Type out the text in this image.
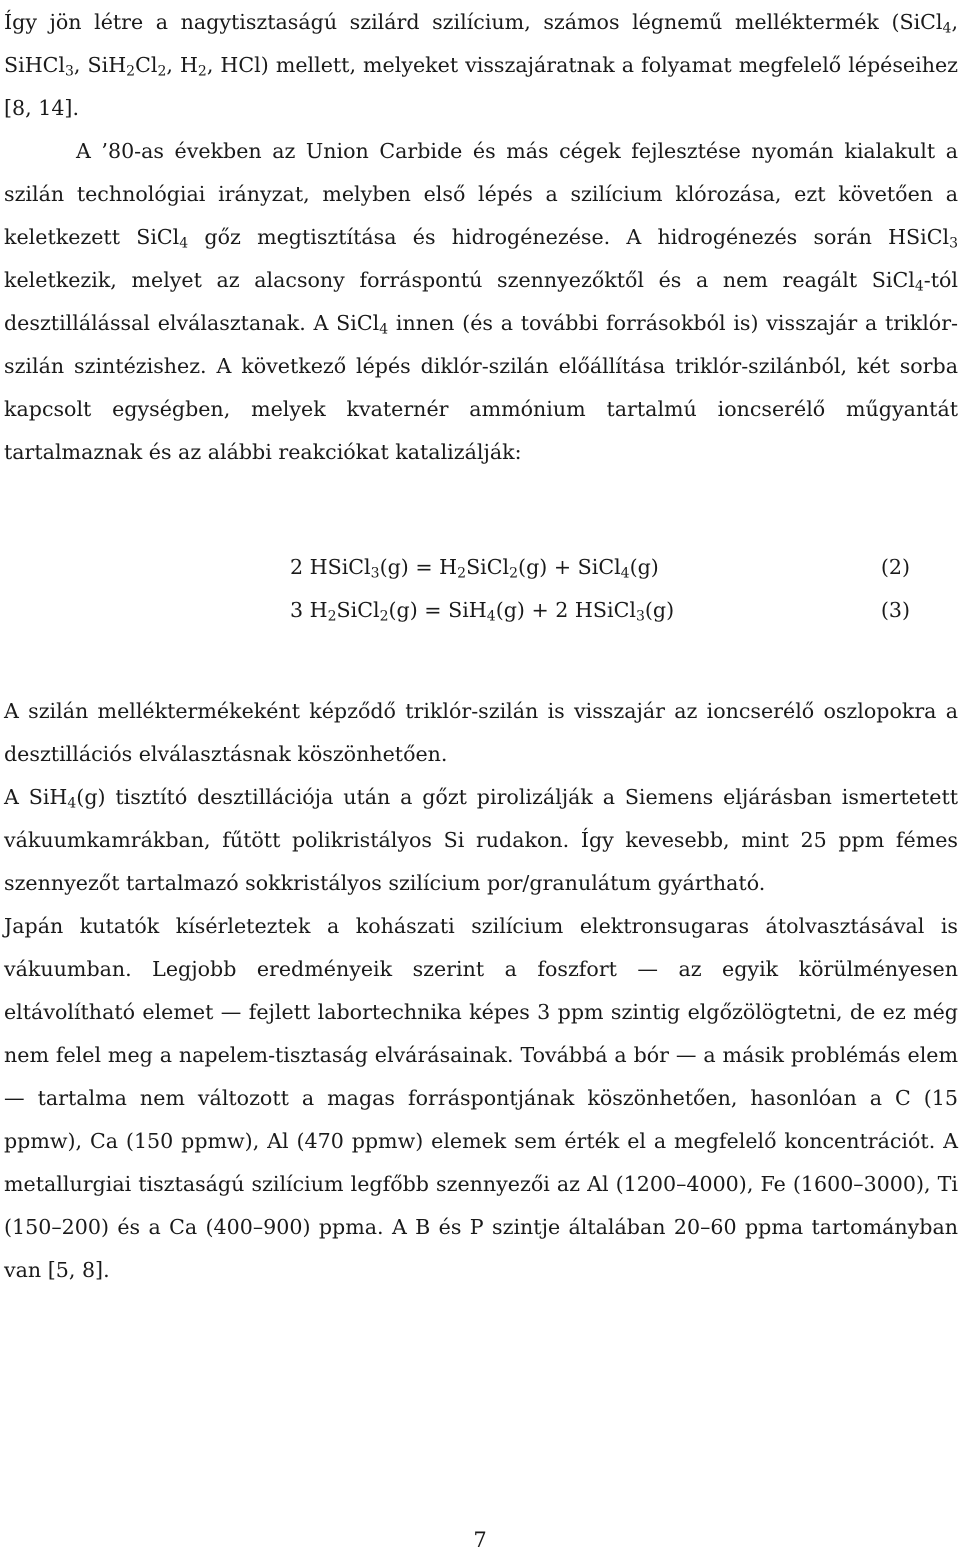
Így jön létre a nagytisztaságú szilárd szilícium, számos légnemű melléktermék (SiCl$_4$, SiHCl$_3$, $SiH_2Cl_2$, $H_2$, HCl) mellett, melyeket visszajáratnak a folyamat megfelelő lépéseihez [8, 14].

A ’80-as években az Union Carbide és más cégek fejlesztése nyomán kialakult a szilán technológiai irányzat, melyben első lépés a szilícium klórozása, ezt követően a keletkezett SiCl$_4$ gőz megtisztítása és hidrogénezése. A hidrogénezés során HSiCl$_3$ keletkezik, melyet az alacsony forráspontú szennyezőktől és a nem reagált SiCl$_4$-tól desztillálással elválasztanak. A SiCl$_4$ innen (és a további forrásokból is) visszajár a triklór-szilán szintézishez. A következő lépés diklór-szilán előállítása triklór-szilánból, két sorba kapcsolt egységben, melyek kvaternér ammónium tartalmú ioncserélő műgyantát tartalmaznak és az alábbi reakciókat katalizálják:

2 HSiCl$_3$(g) = $H_2SiCl_2(g)$ + SiCl$_4$(g)	(2)
3 $H_2SiCl_2(g) = SiH_4(g) + 2$ HSiCl$_3$(g)	(3)

A szilán melléktermékeként képződő triklór-szilán is visszajár az ioncserélő oszlopokra a desztillációs elválasztásnak köszönhetően.

A SiH$_4$(g) tisztító desztillációja után a gőzt pirolizálják a Siemens eljárásban ismertetett vákuumkamrákban, fűtött polikristályos Si rudakon. Így kevesebb, mint 25 ppm fémes szennyezőt tartalmazó sokkristályos szilícium por/granulátum gyártható.

Japán kutatók kísérleteztek a kohászati szilícium elektronsugaras átolvasztásával is vákuumban. Legjobb eredményeik szerint a foszfort — az egyik körülményesen eltávolítható elemet — fejlett labortechnika képes 3 ppm szintig elgőzölögtetni, de ez még nem felel meg a napelem-tisztaság elvárásainak. Továbbá a bór — a másik problémás elem — tartalma nem változott a magas forráspontjának köszönhetően, hasonlóan a C (15 ppmw), Ca (150 ppmw), Al (470 ppmw) elemek sem érték el a megfelelő koncentrációt. A metallurgiai tisztaságú szilícium legfőbb szennyezői az Al (1200–4000), Fe (1600–3000), Ti (150–200) és a Ca (400–900) ppma. A B és P szintje általában 20–60 ppma tartományban van [5, 8].

7
